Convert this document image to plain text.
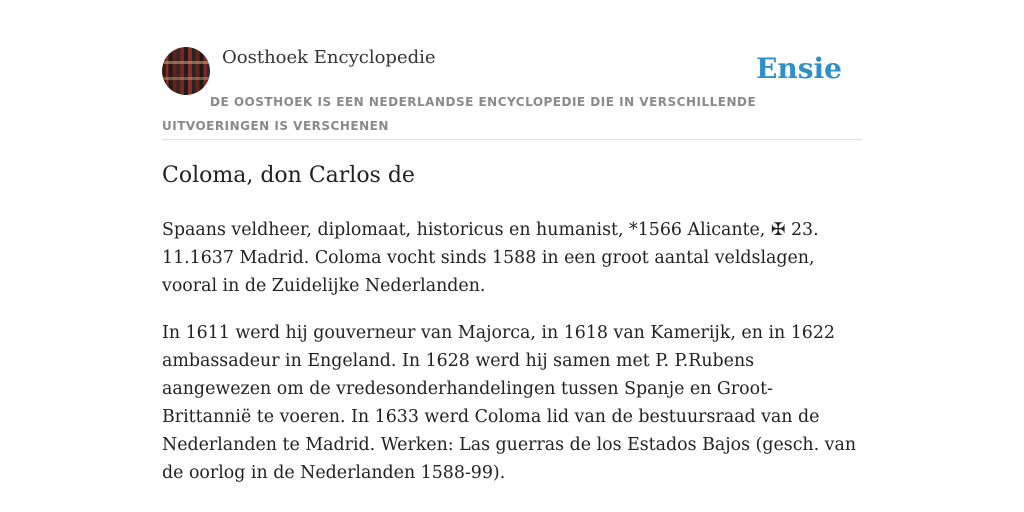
Oosthoek Encyclopedie	Ensie
DE OOSTHOEK IS EEN NEDERLANDSE ENCYCLOPEDIE DIE IN VERSCHILLENDE UITVOERINGEN IS VERSCHENEN
Coloma, don Carlos de

Spaans veldheer, diplomaat, historicus en humanist, *1566 Alicante, ✠ 23. 11.1637 Madrid. Coloma vocht sinds 1588 in een groot aantal veldslagen, vooral in de Zuidelijke Nederlanden.

In 1611 werd hij gouverneur van Majorca, in 1618 van Kamerijk, en in 1622 ambassadeur in Engeland. In 1628 werd hij samen met P. P.Rubens aangewezen om de vredesonderhandelingen tussen Spanje en Groot-Brittannië te voeren. In 1633 werd Coloma lid van de bestuursraad van de Nederlanden te Madrid. Werken: Las guerras de los Estados Bajos (gesch. van de oorlog in de Nederlanden 1588-99).
